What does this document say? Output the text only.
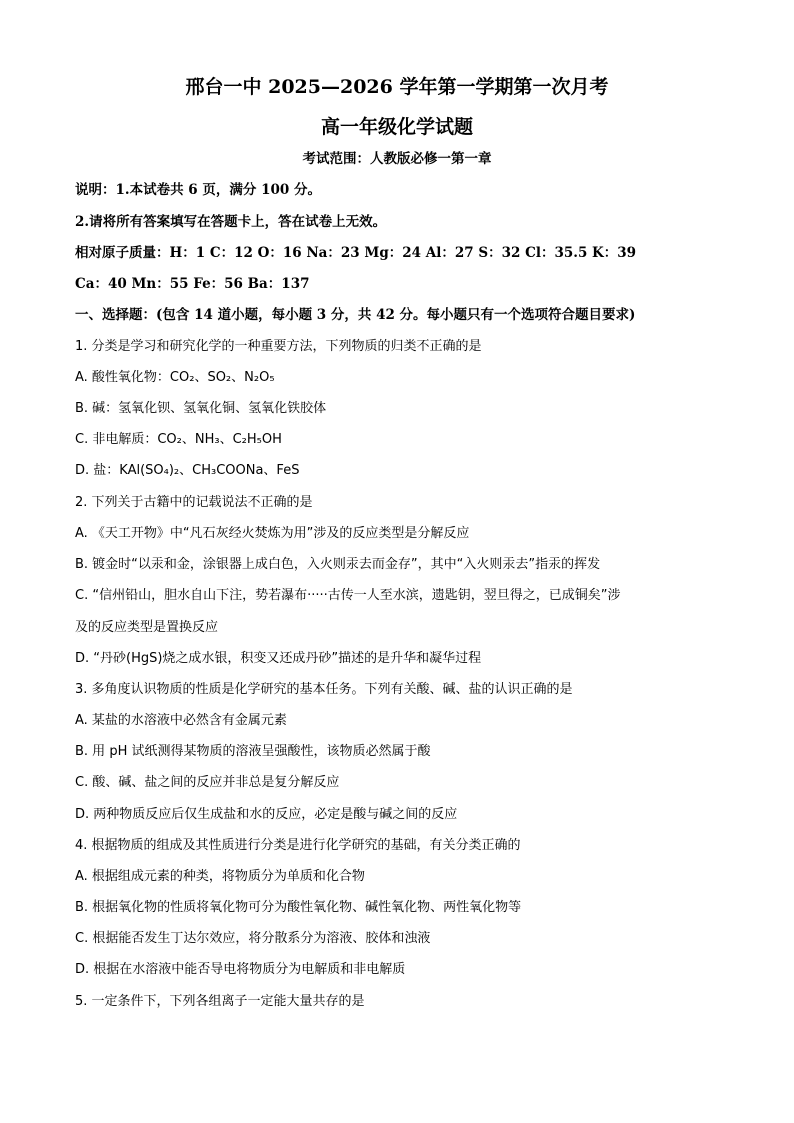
邢台一中 2025—2026 学年第一学期第一次月考
高一年级化学试题
考试范围：人教版必修一第一章
说明：1.本试卷共 6 页，满分 100 分。
2.请将所有答案填写在答题卡上，答在试卷上无效。
相对原子质量：H：1 C：12 O：16 Na：23 Mg：24 Al：27 S：32 Cl：35.5 K：39
Ca：40 Mn：55 Fe：56 Ba：137
一、选择题：(包含 14 道小题，每小题 3 分，共 42 分。每小题只有一个选项符合题目要求)
1. 分类是学习和研究化学的一种重要方法，下列物质的归类不正确的是
A. 酸性氧化物：CO₂、SO₂、N₂O₅
B. 碱：氢氧化钡、氢氧化铜、氢氧化铁胶体
C. 非电解质：CO₂、NH₃、C₂H₅OH
D. 盐：KAl(SO₄)₂、CH₃COONa、FeS
2. 下列关于古籍中的记载说法不正确的是
A. 《天工开物》中“凡石灰经火焚炼为用”涉及的反应类型是分解反应
B. 镀金时“以汞和金，涂银器上成白色，入火则汞去而金存”，其中“入火则汞去”指汞的挥发
C. “信州铅山，胆水自山下注，势若瀑布·····古传一人至水滨，遗匙钥，翌旦得之，已成铜矣”涉
及的反应类型是置换反应
D. “丹砂(HgS)烧之成水银，积变又还成丹砂”描述的是升华和凝华过程
3. 多角度认识物质的性质是化学研究的基本任务。下列有关酸、碱、盐的认识正确的是
A. 某盐的水溶液中必然含有金属元素
B. 用 pH 试纸测得某物质的溶液呈强酸性，该物质必然属于酸
C. 酸、碱、盐之间的反应并非总是复分解反应
D. 两种物质反应后仅生成盐和水的反应，必定是酸与碱之间的反应
4. 根据物质的组成及其性质进行分类是进行化学研究的基础，有关分类正确的
A. 根据组成元素的种类，将物质分为单质和化合物
B. 根据氧化物的性质将氧化物可分为酸性氧化物、碱性氧化物、两性氧化物等
C. 根据能否发生丁达尔效应，将分散系分为溶液、胶体和浊液
D. 根据在水溶液中能否导电将物质分为电解质和非电解质
5. 一定条件下，下列各组离子一定能大量共存的是
